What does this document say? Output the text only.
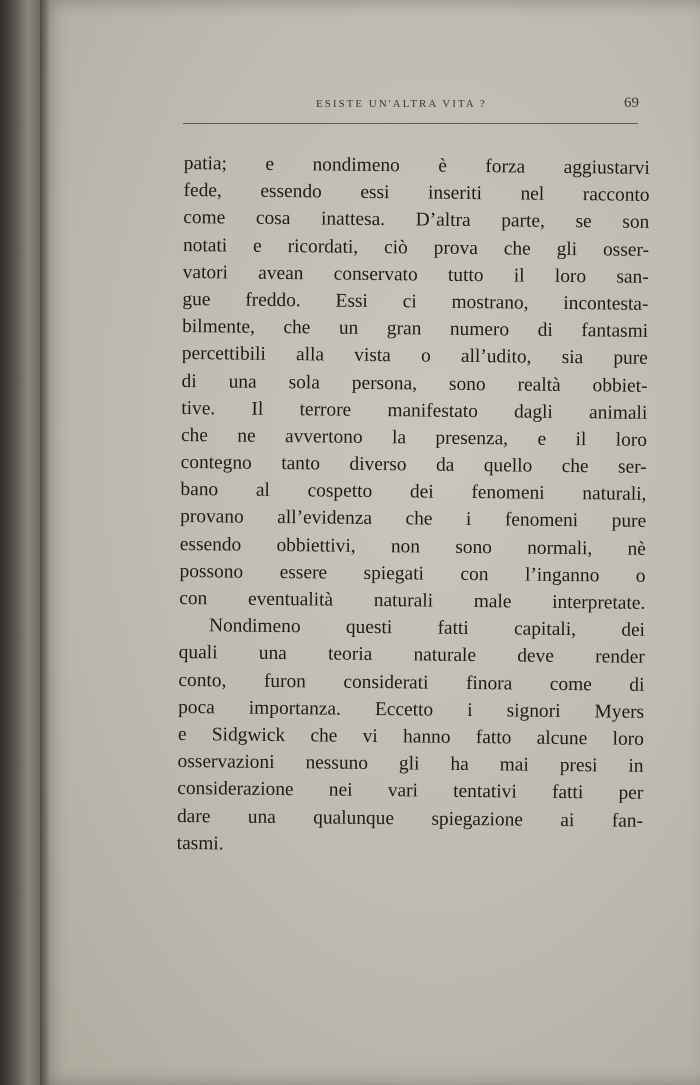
ESISTE UN'ALTRA VITA ?	69
patia; e nondimeno è forza aggiustarvi
fede, essendo essi inseriti nel racconto
come cosa inattesa. D’altra parte, se son
notati e ricordati, ciò prova che gli osser-
vatori avean conservato tutto il loro san-
gue freddo. Essi ci mostrano, incontesta-
bilmente, che un gran numero di fantasmi
percettibili alla vista o all’udito, sia pure
di una sola persona, sono realtà obbiet-
tive. Il terrore manifestato dagli animali
che ne avvertono la presenza, e il loro
contegno tanto diverso da quello che ser-
bano al cospetto dei fenomeni naturali,
provano all’evidenza che i fenomeni pure
essendo obbiettivi, non sono normali, nè
possono essere spiegati con l’inganno o
con eventualità naturali male interpretate.
Nondimeno questi fatti capitali, dei
quali una teoria naturale deve render
conto, furon considerati finora come di
poca importanza. Eccetto i signori Myers
e Sidgwick che vi hanno fatto alcune loro
osservazioni nessuno gli ha mai presi in
considerazione nei vari tentativi fatti per
dare una qualunque spiegazione ai fan-
tasmi.
